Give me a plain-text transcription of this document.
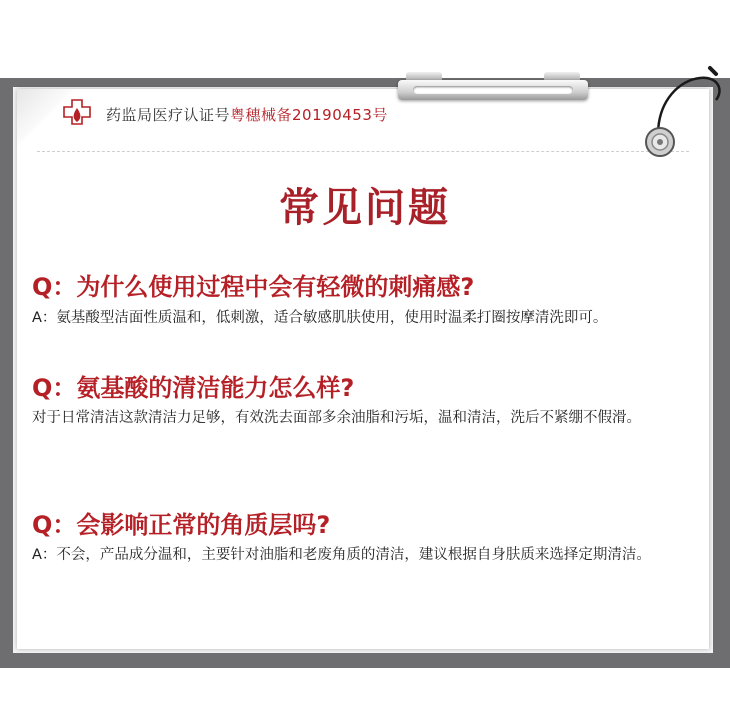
药监局医疗认证号粤穗械备20190453号
常见问题
Q：为什么使用过程中会有轻微的刺痛感?
A：氨基酸型洁面性质温和，低刺激，适合敏感肌肤使用，使用时温柔打圈按摩清洗即可。
Q：氨基酸的清洁能力怎么样?
对于日常清洁这款清洁力足够，有效洗去面部多余油脂和污垢，温和清洁，洗后不紧绷不假滑。
Q：会影响正常的角质层吗?
A：不会，产品成分温和，主要针对油脂和老废角质的清洁，建议根据自身肤质来选择定期清洁。
